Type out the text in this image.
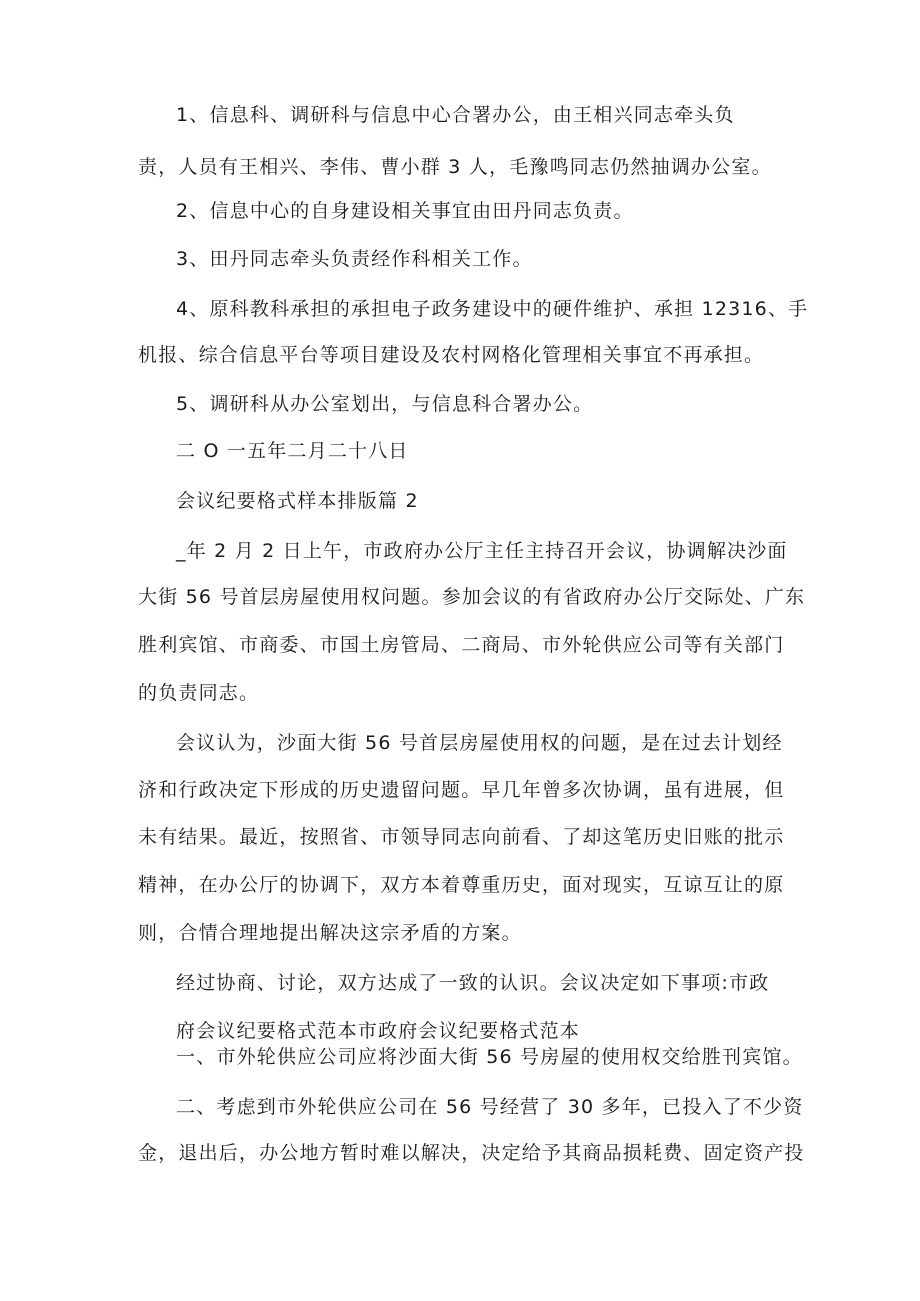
1、信息科、调研科与信息中心合署办公，由王相兴同志牵头负
责，人员有王相兴、李伟、曹小群 3 人，毛豫鸣同志仍然抽调办公室。
2、信息中心的自身建设相关事宜由田丹同志负责。
3、田丹同志牵头负责经作科相关工作。
4、原科教科承担的承担电子政务建设中的硬件维护、承担 12316、手
机报、综合信息平台等项目建设及农村网格化管理相关事宜不再承担。
5、调研科从办公室划出，与信息科合署办公。
二 O 一五年二月二十八日
会议纪要格式样本排版篇 2
_年 2 月 2 日上午，市政府办公厅主任主持召开会议，协调解决沙面
大街 56 号首层房屋使用权问题。参加会议的有省政府办公厅交际处、广东
胜利宾馆、市商委、市国土房管局、二商局、市外轮供应公司等有关部门
的负责同志。
会议认为，沙面大街 56 号首层房屋使用权的问题，是在过去计划经
济和行政决定下形成的历史遗留问题。早几年曾多次协调，虽有进展，但
未有结果。最近，按照省、市领导同志向前看、了却这笔历史旧账的批示
精神，在办公厅的协调下，双方本着尊重历史，面对现实，互谅互让的原
则，合情合理地提出解决这宗矛盾的方案。
经过协商、讨论，双方达成了一致的认识。会议决定如下事项:市政
府会议纪要格式范本市政府会议纪要格式范本
一、市外轮供应公司应将沙面大街 56 号房屋的使用权交给胜刊宾馆。
二、考虑到市外轮供应公司在 56 号经营了 30 多年，已投入了不少资
金，退出后，办公地方暂时难以解决，决定给予其商品损耗费、固定资产投
